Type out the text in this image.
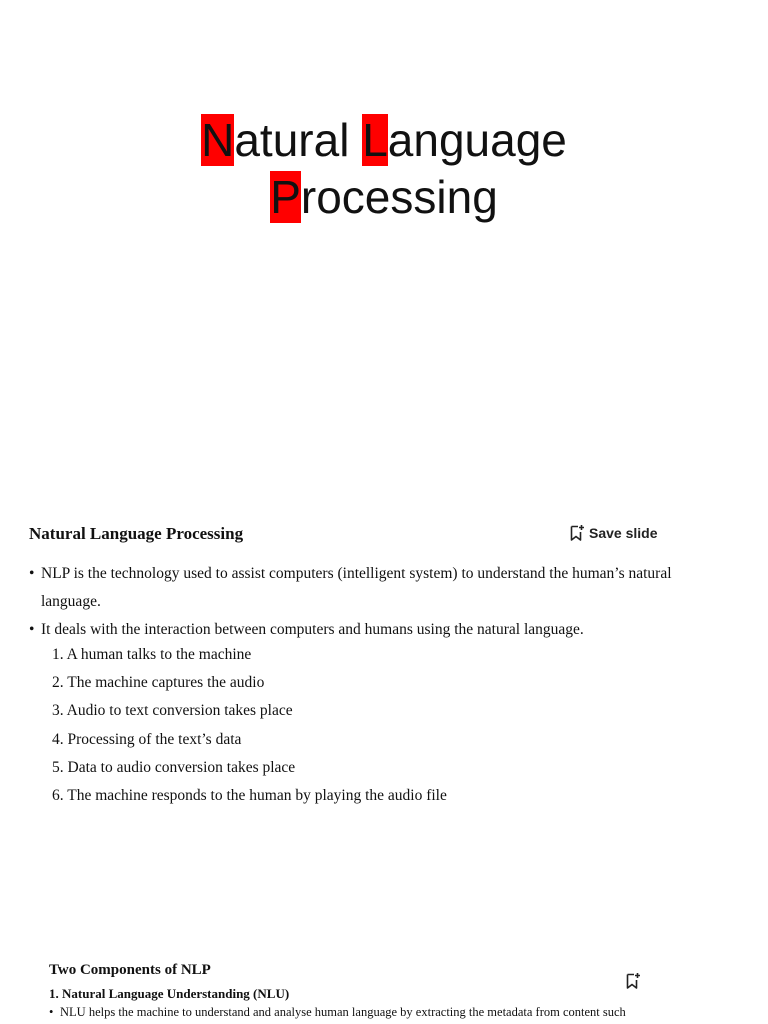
Natural Language
Processing
Natural Language Processing	Save slide
• NLP is the technology used to assist computers (intelligent system) to understand the human’s natural language.
• It deals with the interaction between computers and humans using the natural language.
1. A human talks to the machine
2. The machine captures the audio
3. Audio to text conversion takes place
4. Processing of the text’s data
5. Data to audio conversion takes place
6. The machine responds to the human by playing the audio file
Two Components of NLP
1. Natural Language Understanding (NLU)
• NLU helps the machine to understand and analyse human language by extracting the metadata from content such
